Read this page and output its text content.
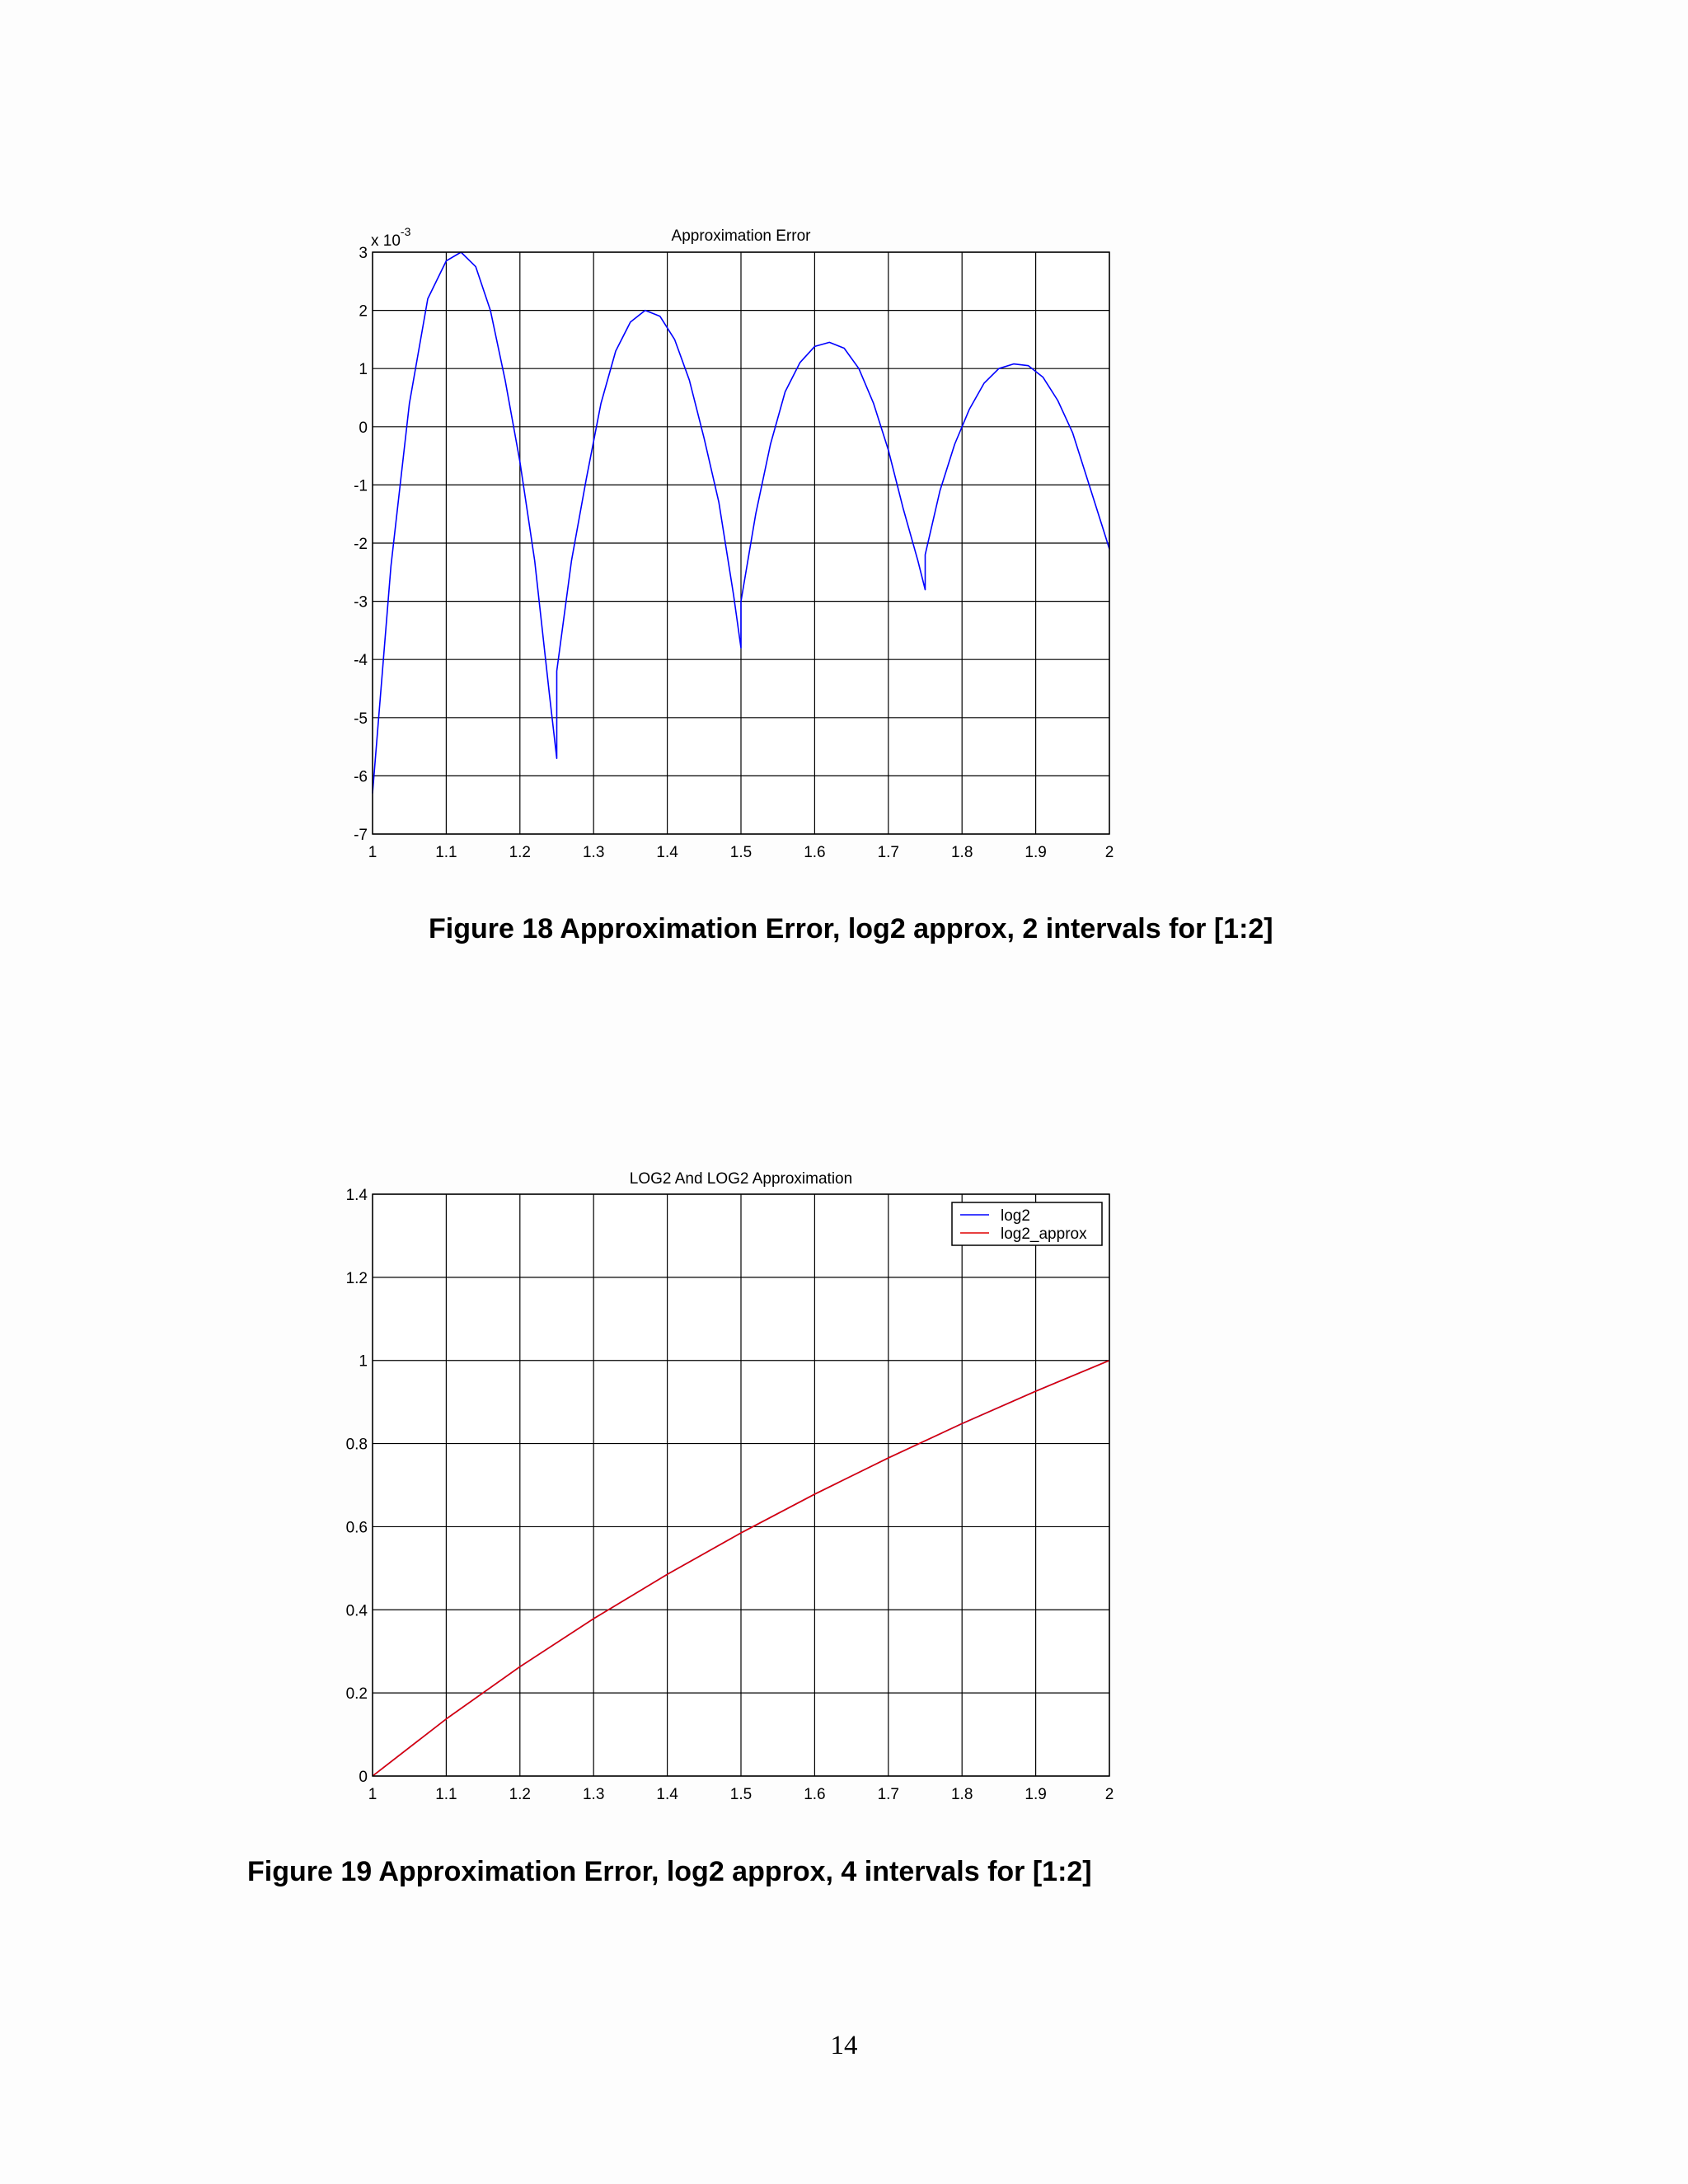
1	1.1	1.2	1.3	1.4	1.5	1.6	1.7	1.8	1.9	2
-7
-6
-5
-4
-3
-2
-1
0
1
2
3
Approximation Error
x $10^{-3}$

Figure 18 Approximation Error, log2 approx, 2 intervals for [1:2]

1	1.1	1.2	1.3	1.4	1.5	1.6	1.7	1.8	1.9	2
0
0.2
0.4
0.6
0.8
1
1.2
1.4
LOG2 And LOG2 Approximation
log2
log2_approx

Figure 19 Approximation Error, log2 approx, 4 intervals for [1:2]

14
